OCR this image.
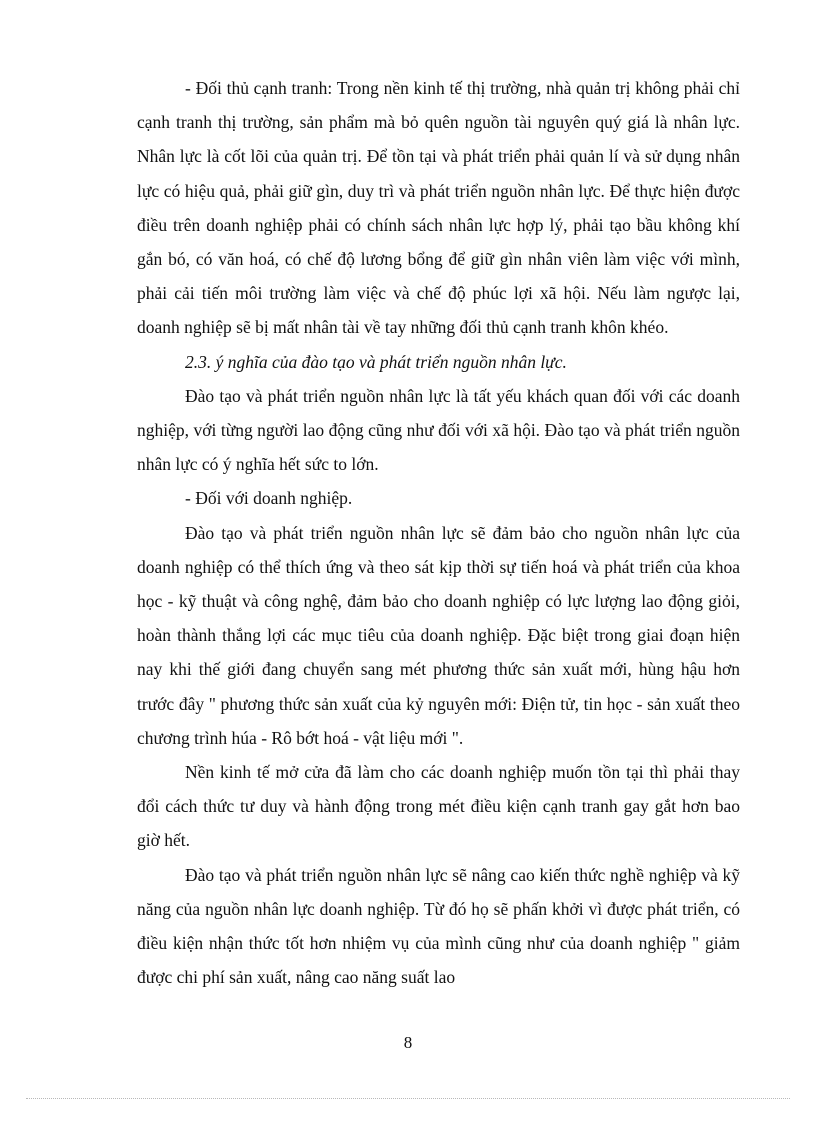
- Đối thủ cạnh tranh: Trong nền kinh tế thị trường, nhà quản trị không phải chỉ cạnh tranh thị trường, sản phẩm mà bỏ quên nguồn tài nguyên quý giá là nhân lực. Nhân lực là cốt lõi của quản trị. Để tồn tại và phát triển phải quản lí và sử dụng nhân lực có hiệu quả, phải giữ gìn, duy trì và phát triển nguồn nhân lực. Để thực hiện được điều trên doanh nghiệp phải có chính sách nhân lực hợp lý, phải tạo bầu không khí gắn bó, có văn hoá, có chế độ lương bổng để giữ gìn nhân viên làm việc với mình, phải cải tiến môi trường làm việc và chế độ phúc lợi xã hội. Nếu làm ngược lại, doanh nghiệp sẽ bị mất nhân tài về tay những đối thủ cạnh tranh khôn khéo.

2.3. ý nghĩa của đào tạo và phát triển nguồn nhân lực.

Đào tạo và phát triển nguồn nhân lực là tất yếu khách quan đối với các doanh nghiệp, với từng người lao động cũng như đối với xã hội. Đào tạo và phát triển nguồn nhân lực có ý nghĩa hết sức to lớn.

- Đối với doanh nghiệp.

Đào tạo và phát triển nguồn nhân lực sẽ đảm bảo cho nguồn nhân lực của doanh nghiệp có thể thích ứng và theo sát kịp thời sự tiến hoá và phát triển của khoa học - kỹ thuật và công nghệ, đảm bảo cho doanh nghiệp có lực lượng lao động giỏi, hoàn thành thắng lợi các mục tiêu của doanh nghiệp. Đặc biệt trong giai đoạn hiện nay khi thế giới đang chuyển sang mét phương thức sản xuất mới, hùng hậu hơn trước đây " phương thức sản xuất của kỷ nguyên mới: Điện tử, tin học - sản xuất theo chương trình húa - Rô bớt hoá - vật liệu mới ".

Nền kinh tế mở cửa đã làm cho các doanh nghiệp muốn tồn tại thì phải thay đổi cách thức tư duy và hành động trong mét điều kiện cạnh tranh gay gắt hơn bao giờ hết.

Đào tạo và phát triển nguồn nhân lực sẽ nâng cao kiến thức nghề nghiệp và kỹ năng của nguồn nhân lực doanh nghiệp. Từ đó họ sẽ phấn khởi vì được phát triển, có điều kiện nhận thức tốt hơn nhiệm vụ của mình cũng như của doanh nghiệp " giảm được chi phí sản xuất, nâng cao năng suất lao

8
